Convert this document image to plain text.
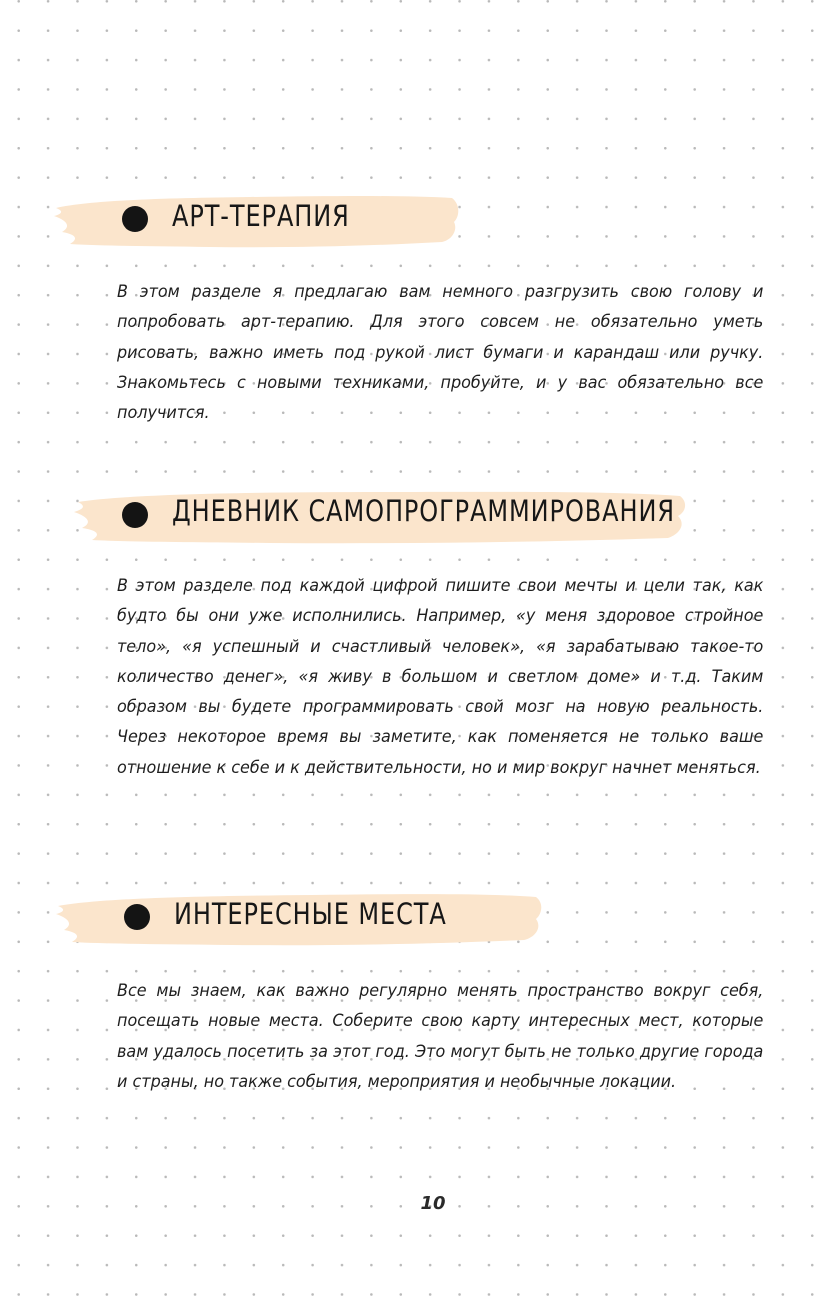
АРТ-ТЕРАПИЯ
В этом разделе я предлагаю вам немного разгрузить свою голову и попробовать арт-терапию. Для этого совсем не обязательно уметь рисовать, важно иметь под рукой лист бумаги и карандаш или ручку. Знакомьтесь с новыми техниками, пробуйте, и у вас обязательно все получится.
ДНЕВНИК САМОПРОГРАММИРОВАНИЯ
В этом разделе под каждой цифрой пишите свои мечты и цели так, как будто бы они уже исполнились. Например, «у меня здоровое стройное тело», «я успешный и счастливый человек», «я зарабатываю такое-то количество денег», «я живу в большом и светлом доме» и т.д. Таким образом вы будете программировать свой мозг на новую реальность. Через некоторое время вы заметите, как поменяется не только ваше отношение к себе и к действительности, но и мир вокруг начнет меняться.
ИНТЕРЕСНЫЕ МЕСТА
Все мы знаем, как важно регулярно менять пространство вокруг себя, посещать новые места. Соберите свою карту интересных мест, которые вам удалось посетить за этот год. Это могут быть не только другие города и страны, но также события, мероприятия и необычные локации.
10
